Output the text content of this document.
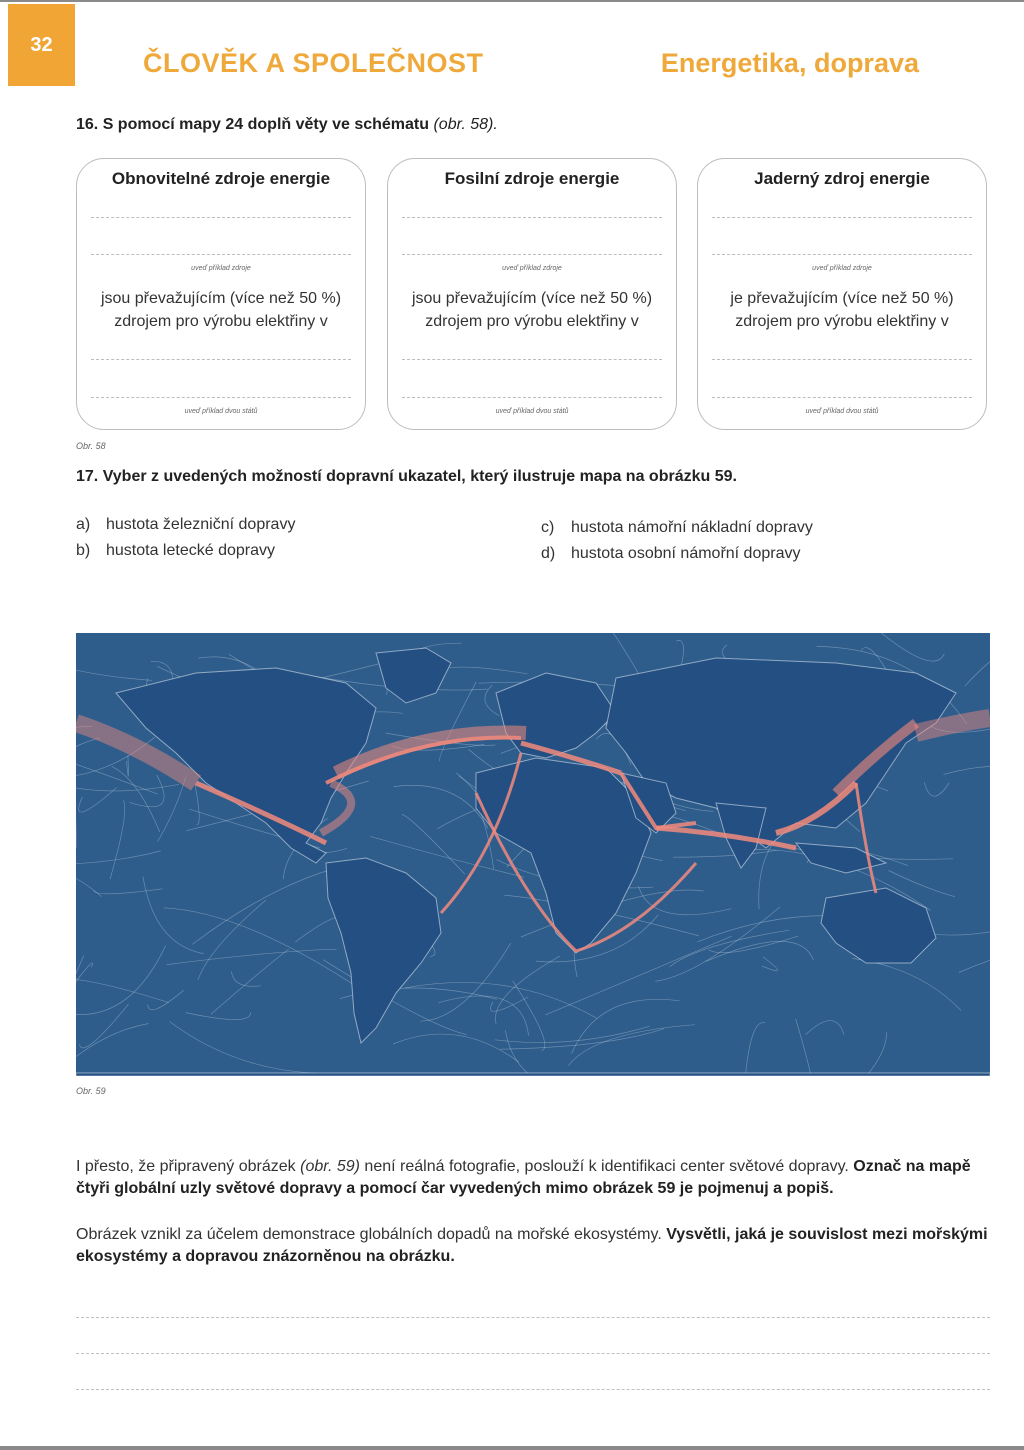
32
ČLOVĚK A SPOLEČNOST	Energetika, doprava
16. S pomocí mapy 24 doplň věty ve schématu (obr. 58).
Obnovitelné zdroje energie
uveď příklad zdroje
jsou převažujícím (více než 50 %)
zdrojem pro výrobu elektřiny v
uveď příklad dvou států
Fosilní zdroje energie
uveď příklad zdroje
jsou převažujícím (více než 50 %)
zdrojem pro výrobu elektřiny v
uveď příklad dvou států
Jaderný zdroj energie
uveď příklad zdroje
je převažujícím (více než 50 %)
zdrojem pro výrobu elektřiny v
uveď příklad dvou států
Obr. 58
17. Vyber z uvedených možností dopravní ukazatel, který ilustruje mapa na obrázku 59.
a) hustota železniční dopravy
b) hustota letecké dopravy
c) hustota námořní nákladní dopravy
d) hustota osobní námořní dopravy
Obr. 59
I přesto, že připravený obrázek (obr. 59) není reálná fotografie, poslouží k identifikaci center světové dopravy. Označ na mapě čtyři globální uzly světové dopravy a pomocí čar vyvedených mimo obrázek 59 je pojmenuj a popiš.
Obrázek vznikl za účelem demonstrace globálních dopadů na mořské ekosystémy. Vysvětli, jaká je souvislost mezi mořskými ekosystémy a dopravou znázorněnou na obrázku.
